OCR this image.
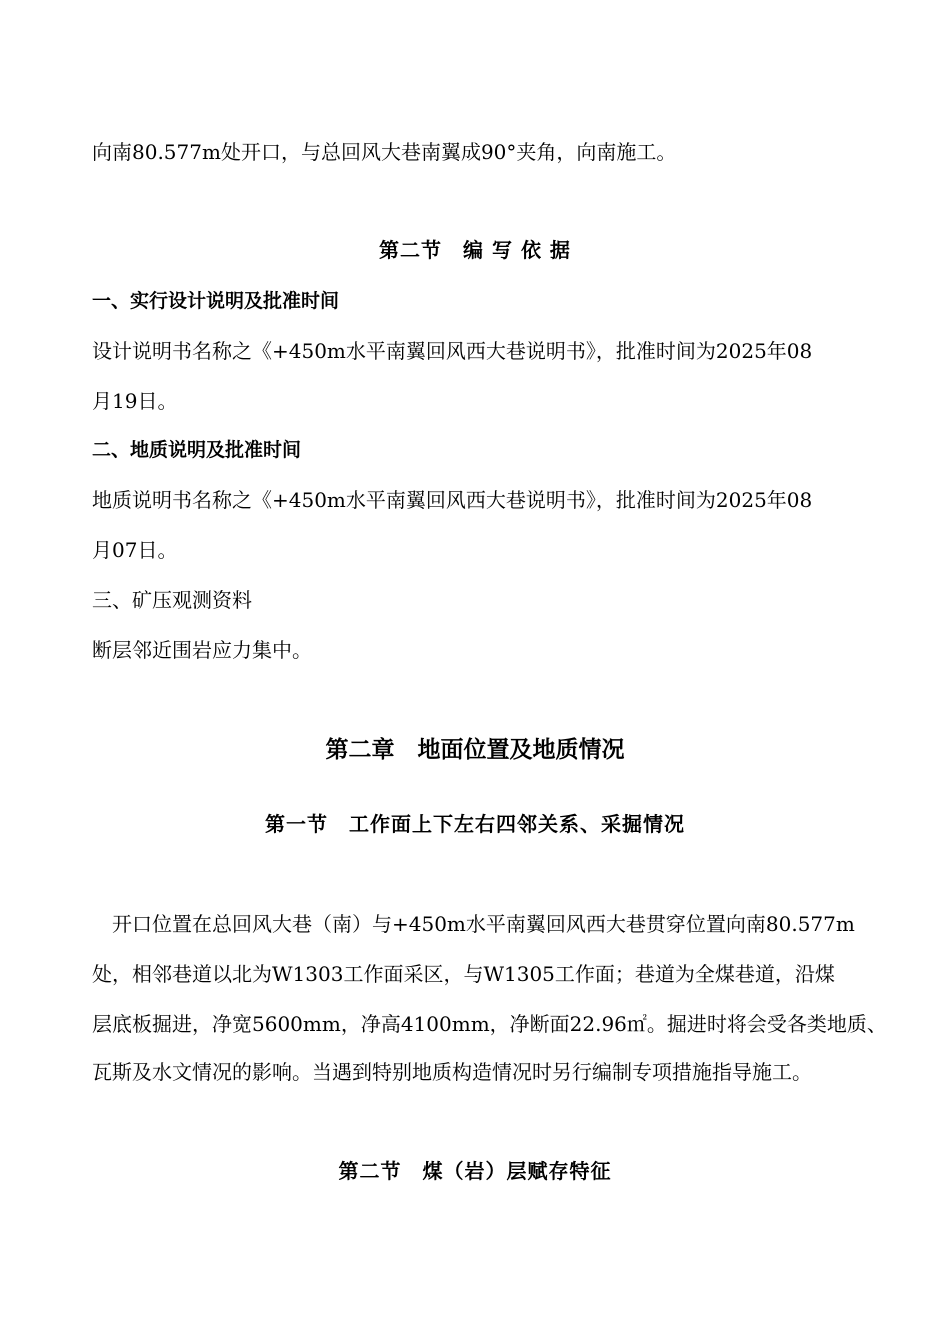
向南80.577m处开口，与总回风大巷南翼成90°夹角，向南施工。
第二节　编 写 依 据
一、实行设计说明及批准时间
设计说明书名称之《+450m水平南翼回风西大巷说明书》，批准时间为2025年08
月19日。
二、地质说明及批准时间
地质说明书名称之《+450m水平南翼回风西大巷说明书》，批准时间为2025年08
月07日。
三、矿压观测资料
断层邻近围岩应力集中。
第二章　地面位置及地质情况
第一节　工作面上下左右四邻关系、采掘情况
开口位置在总回风大巷（南）与+450m水平南翼回风西大巷贯穿位置向南80.577m
处，相邻巷道以北为W1303工作面采区，与W1305工作面；巷道为全煤巷道，沿煤
层底板掘进，净宽5600mm，净高4100mm，净断面22.96㎡。掘进时将会受各类地质、
瓦斯及水文情况的影响。当遇到特别地质构造情况时另行编制专项措施指导施工。
第二节　煤（岩）层赋存特征
